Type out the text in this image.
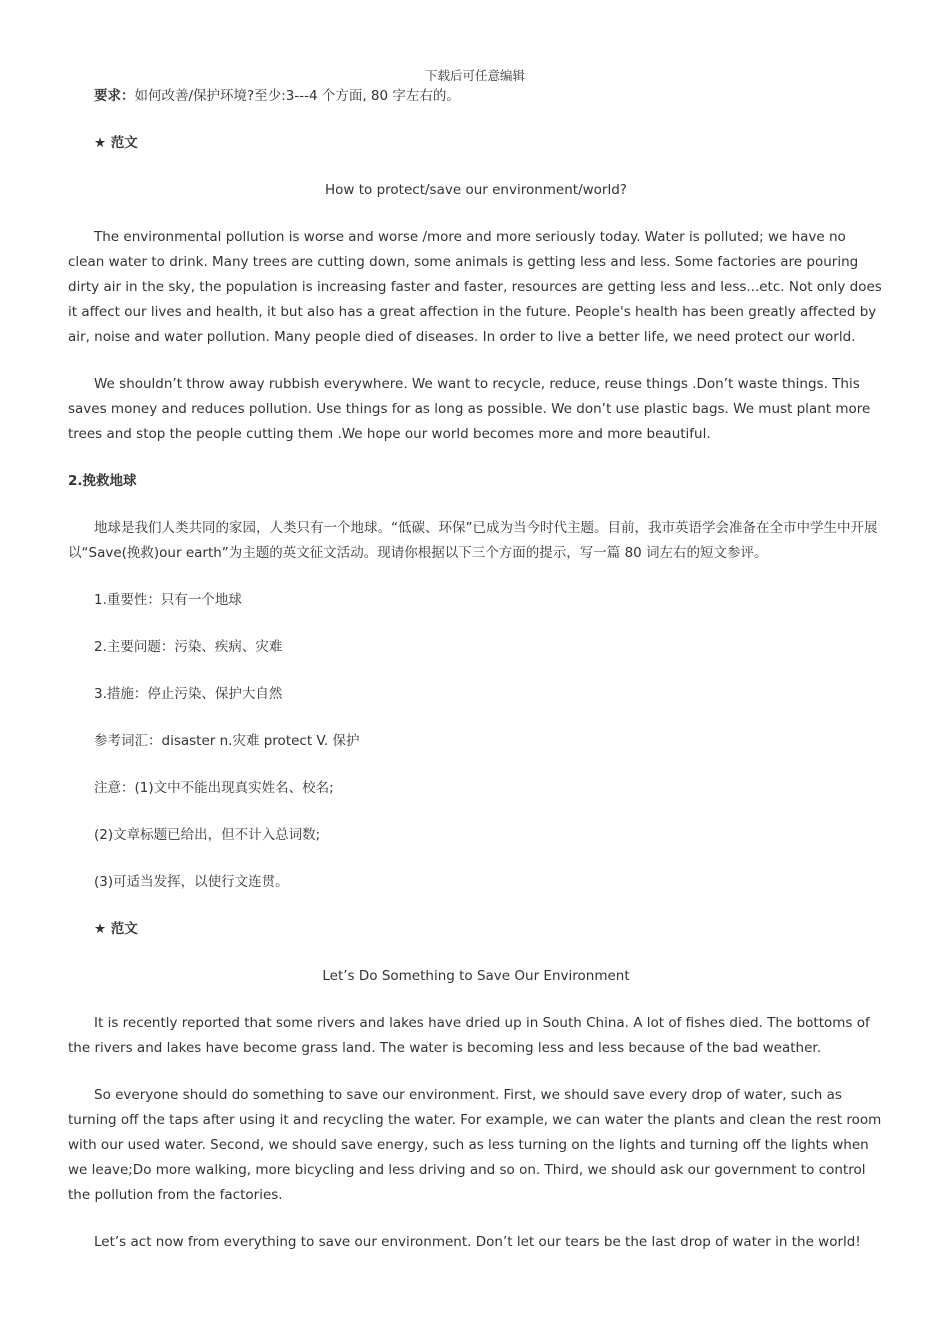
下载后可任意编辑

要求：如何改善/保护环境?至少:3---4 个方面, 80 字左右的。

★ 范文

How to protect/save our environment/world?

The environmental pollution is worse and worse /more and more seriously today. Water is polluted; we have no clean water to drink. Many trees are cutting down, some animals is getting less and less. Some factories are pouring dirty air in the sky, the population is increasing faster and faster, resources are getting less and less...etc. Not only does it affect our lives and health, it but also has a great affection in the future. People's health has been greatly affected by air, noise and water pollution. Many people died of diseases. In order to live a better life, we need protect our world.

We shouldn’t throw away rubbish everywhere. We want to recycle, reduce, reuse things .Don’t waste things. This saves money and reduces pollution. Use things for as long as possible. We don’t use plastic bags. We must plant more trees and stop the people cutting them .We hope our world becomes more and more beautiful.

2.挽救地球

地球是我们人类共同的家园，人类只有一个地球。“低碳、环保”已成为当今时代主题。目前，我市英语学会准备在全市中学生中开展以“Save(挽救)our earth”为主题的英文征文活动。现请你根据以下三个方面的提示，写一篇 80 词左右的短文参评。

1.重要性：只有一个地球

2.主要问题：污染、疾病、灾难

3.措施：停止污染、保护大自然

参考词汇：disaster n.灾难 protect V. 保护

注意：(1)文中不能出现真实姓名、校名;

(2)文章标题已给出，但不计入总词数;

(3)可适当发挥，以使行文连贯。

★ 范文

Let’s Do Something to Save Our Environment

It is recently reported that some rivers and lakes have dried up in South China. A lot of fishes died. The bottoms of the rivers and lakes have become grass land. The water is becoming less and less because of the bad weather.

So everyone should do something to save our environment. First, we should save every drop of water, such as turning off the taps after using it and recycling the water. For example, we can water the plants and clean the rest room with our used water. Second, we should save energy, such as less turning on the lights and turning off the lights when we leave;Do more walking, more bicycling and less driving and so on. Third, we should ask our government to control the pollution from the factories.

Let’s act now from everything to save our environment. Don’t let our tears be the last drop of water in the world!
